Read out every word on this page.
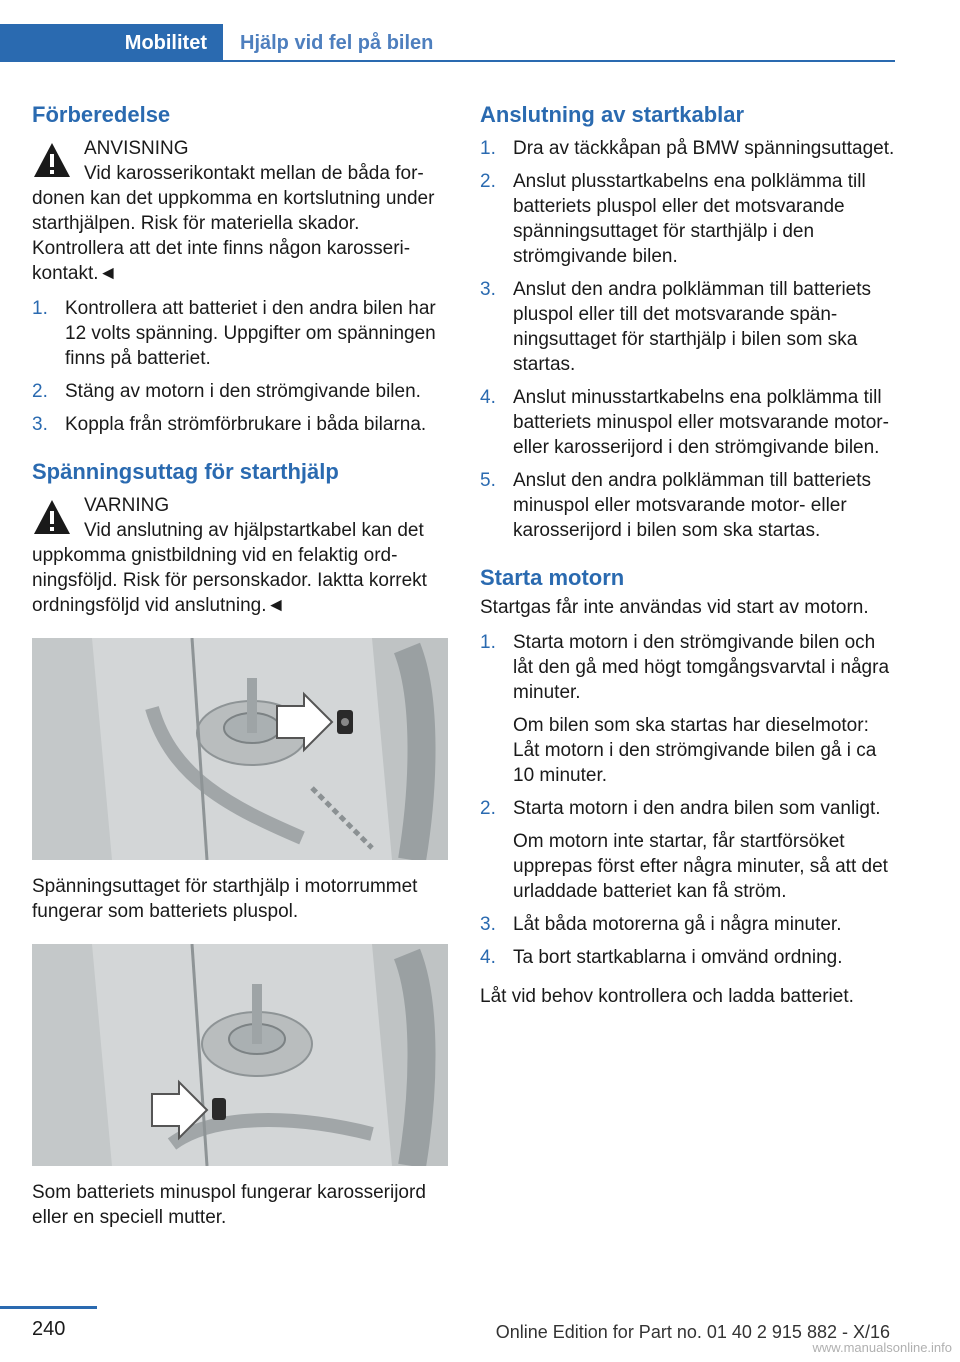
Mobilitet	Hjälp vid fel på bilen
Förberedelse

ANVISNING
Vid karosserikontakt mellan de båda fordonen kan det uppkomma en kortslutning under starthjälpen. Risk för materiella skador. Kontrollera att det inte finns någon karosserikontakt.◄

1. Kontrollera att batteriet i den andra bilen har 12 volts spänning. Uppgifter om spänningen finns på batteriet.
2. Stäng av motorn i den strömgivande bilen.
3. Koppla från strömförbrukare i båda bilarna.
Spänningsuttag för starthjälp

VARNING
Vid anslutning av hjälpstartkabel kan det uppkomma gnistbildning vid en felaktig ordningsföljd. Risk för personskador. Iaktta korrekt ordningsföljd vid anslutning.◄

Spänningsuttaget för starthjälp i motorrummet fungerar som batteriets pluspol.

Som batteriets minuspol fungerar karosserijord eller en speciell mutter.

Anslutning av startkablar
1. Dra av täckkåpan på BMW spänningsuttaget.
2. Anslut plusstartkabelns ena polklämma till batteriets pluspol eller det motsvarande spänningsuttaget för starthjälp i den strömgivande bilen.
3. Anslut den andra polklämman till batteriets pluspol eller till det motsvarande spänningsuttaget för starthjälp i bilen som ska startas.
4. Anslut minusstartkabelns ena polklämma till batteriets minuspol eller motsvarande motor- eller karosserijord i den strömgivande bilen.
5. Anslut den andra polklämman till batteriets minuspol eller motsvarande motor- eller karosserijord i bilen som ska startas.
Starta motorn

Startgas får inte användas vid start av motorn.

1. Starta motorn i den strömgivande bilen och låt den gå med högt tomgångsvarvtal i några minuter.

Om bilen som ska startas har dieselmotor: Låt motorn i den strömgivande bilen gå i ca 10 minuter.

2. Starta motorn i den andra bilen som vanligt.

Om motorn inte startar, får startförsöket upprepas först efter några minuter, så att det urladdade batteriet kan få ström.

3. Låt båda motorerna gå i några minuter.
4. Ta bort startkablarna i omvänd ordning.

Låt vid behov kontrollera och ladda batteriet.

240	Online Edition for Part no. 01 40 2 915 882 - X/16
www.manualsonline.info
